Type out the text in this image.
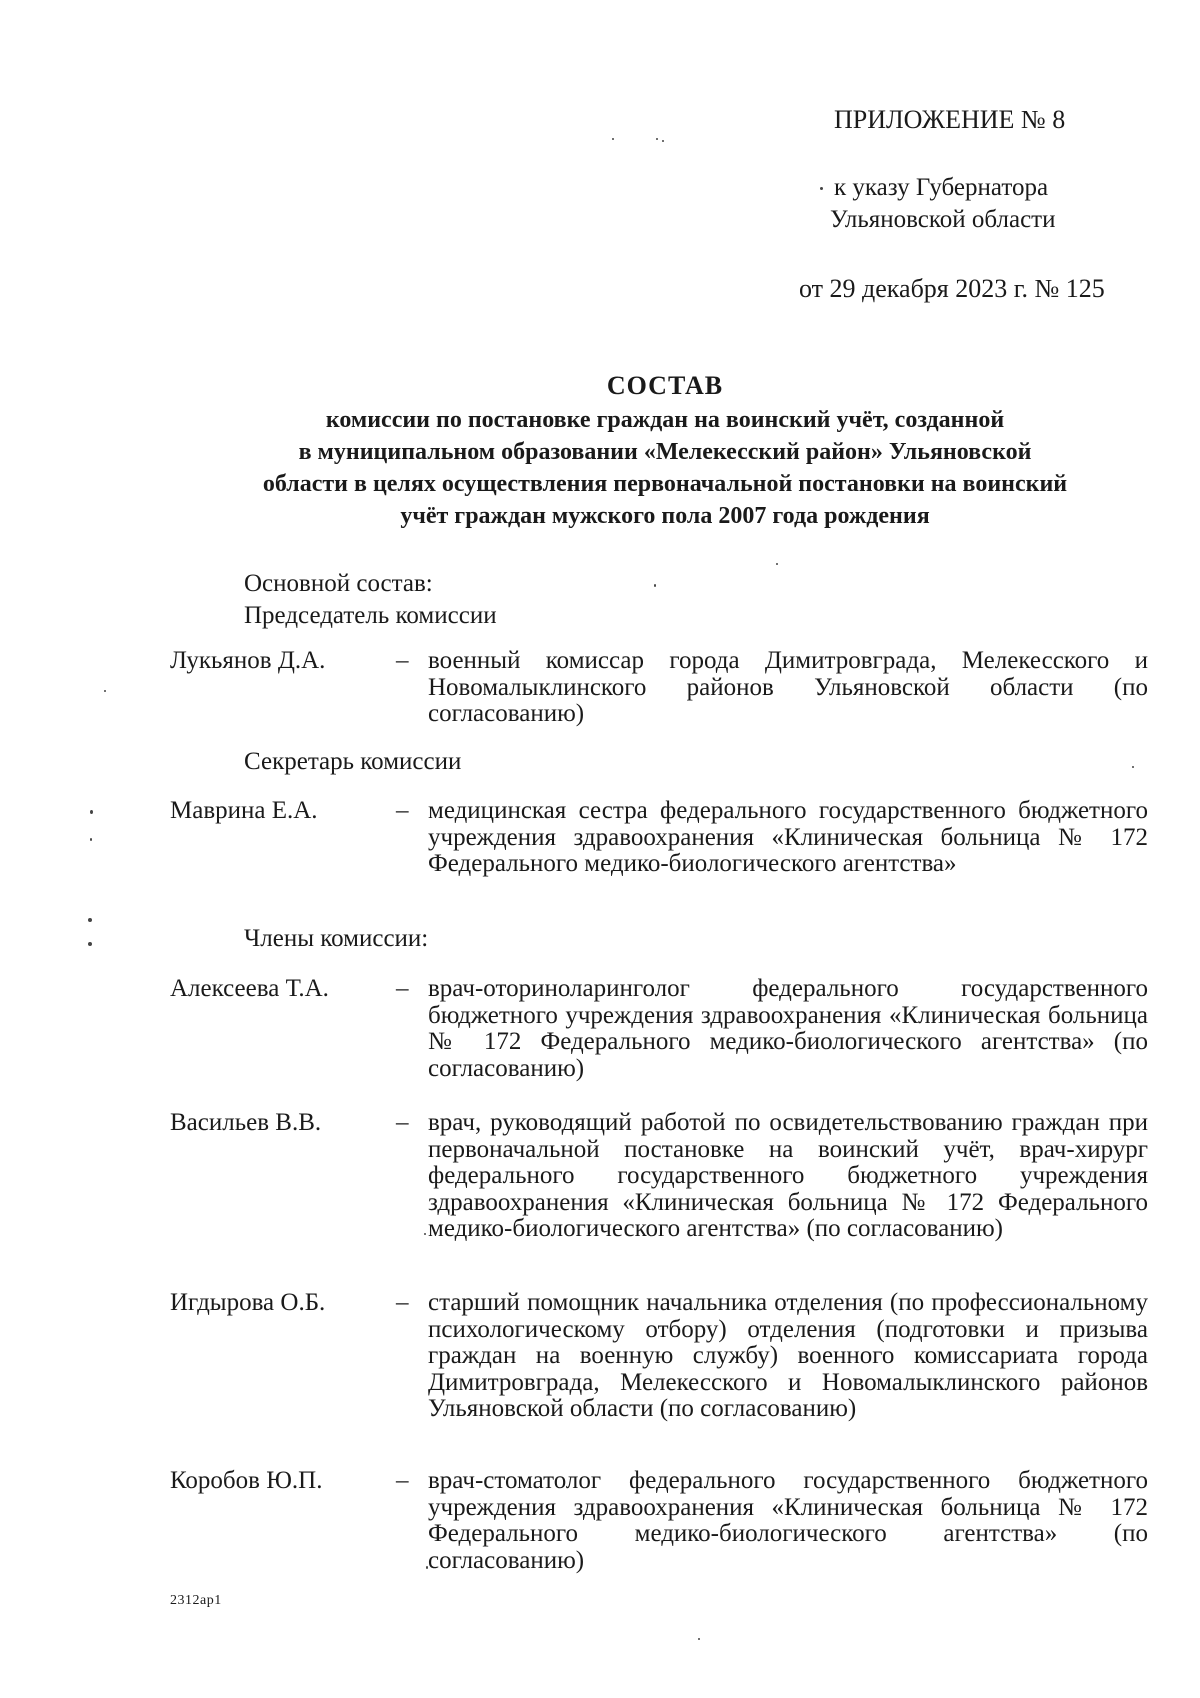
ПРИЛОЖЕНИЕ № 8
к указу Губернатора
Ульяновской области
от 29 декабря 2023 г. № 125
СОСТАВ
комиссии по постановке граждан на воинский учёт, созданной
в муниципальном образовании «Мелекесский район» Ульяновской
области в целях осуществления первоначальной постановки на воинский
учёт граждан мужского пола 2007 года рождения
Основной состав:
Председатель комиссии
Лукьянов Д.А.	– военный комиссар города Димитровграда, Мелекесского и Новомалыклинского районов Ульяновской области (по согласованию)
Секретарь комиссии
Маврина Е.А.	– медицинская сестра федерального государственного бюджетного учреждения здравоохранения «Клиническая больница № 172 Федерального медико-биологического агентства»
Члены комиссии:
Алексеева Т.А.	– врач-оториноларинголог федерального государственного бюджетного учреждения здравоохранения «Клиническая больница № 172 Федерального медико-биологического агентства» (по согласованию)
Васильев В.В.	– врач, руководящий работой по освидетельствованию граждан при первоначальной постановке на воинский учёт, врач-хирург федерального государственного бюджетного учреждения здравоохранения «Клиническая больница № 172 Федерального медико-биологического агентства» (по согласованию)
Игдырова О.Б.	– старший помощник начальника отделения (по профессиональному психологическому отбору) отделения (подготовки и призыва граждан на военную службу) военного комиссариата города Димитровграда, Мелекесского и Новомалыклинского районов Ульяновской области (по согласованию)
Коробов Ю.П.	– врач-стоматолог федерального государственного бюджетного учреждения здравоохранения «Клиническая больница № 172 Федерального медико-биологического агентства» (по согласованию)
2312ap1
